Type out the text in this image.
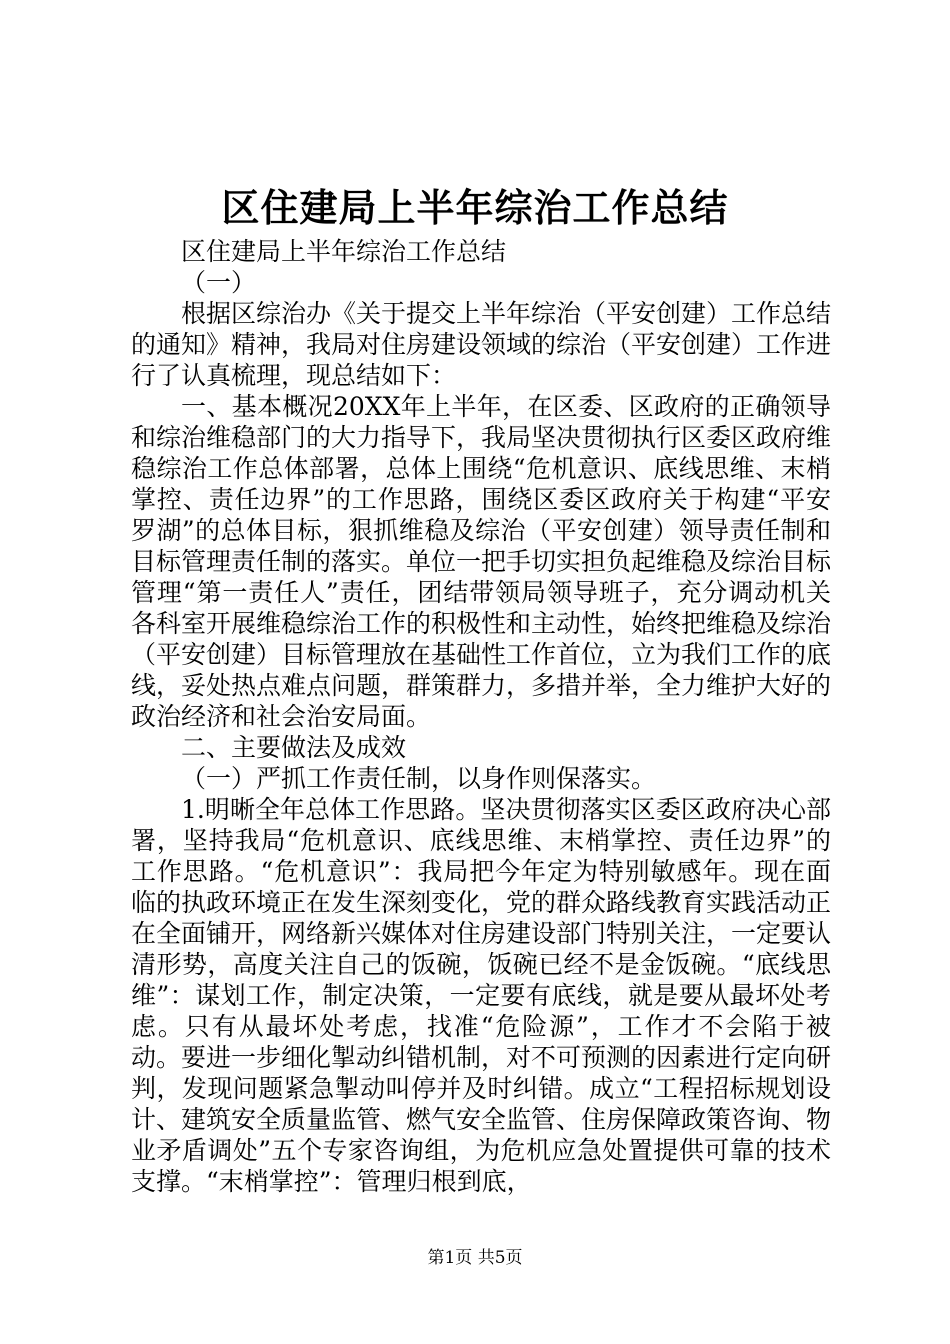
区住建局上半年综治工作总结

区住建局上半年综治工作总结

（一）

根据区综治办《关于提交上半年综治（平安创建）工作总结的通知》精神，我局对住房建设领域的综治（平安创建）工作进行了认真梳理，现总结如下：

一、基本概况20XX年上半年，在区委、区政府的正确领导和综治维稳部门的大力指导下，我局坚决贯彻执行区委区政府维稳综治工作总体部署，总体上围绕“危机意识、底线思维、末梢掌控、责任边界”的工作思路，围绕区委区政府关于构建“平安罗湖”的总体目标，狠抓维稳及综治（平安创建）领导责任制和目标管理责任制的落实。单位一把手切实担负起维稳及综治目标管理“第一责任人”责任，团结带领局领导班子，充分调动机关各科室开展维稳综治工作的积极性和主动性，始终把维稳及综治（平安创建）目标管理放在基础性工作首位，立为我们工作的底线，妥处热点难点问题，群策群力，多措并举，全力维护大好的政治经济和社会治安局面。

二、主要做法及成效

（一）严抓工作责任制，以身作则保落实。

1.明晰全年总体工作思路。坚决贯彻落实区委区政府决心部署，坚持我局“危机意识、底线思维、末梢掌控、责任边界”的工作思路。“危机意识”：我局把今年定为特别敏感年。现在面临的执政环境正在发生深刻变化，党的群众路线教育实践活动正在全面铺开，网络新兴媒体对住房建设部门特别关注，一定要认清形势，高度关注自己的饭碗，饭碗已经不是金饭碗。“底线思维”：谋划工作，制定决策，一定要有底线，就是要从最坏处考虑。只有从最坏处考虑，找准“危险源”，工作才不会陷于被动。要进一步细化掣动纠错机制，对不可预测的因素进行定向研判，发现问题紧急掣动叫停并及时纠错。成立“工程招标规划设计、建筑安全质量监管、燃气安全监管、住房保障政策咨询、物业矛盾调处”五个专家咨询组，为危机应急处置提供可靠的技术支撑。“末梢掌控”：管理归根到底，

第1页 共5页
